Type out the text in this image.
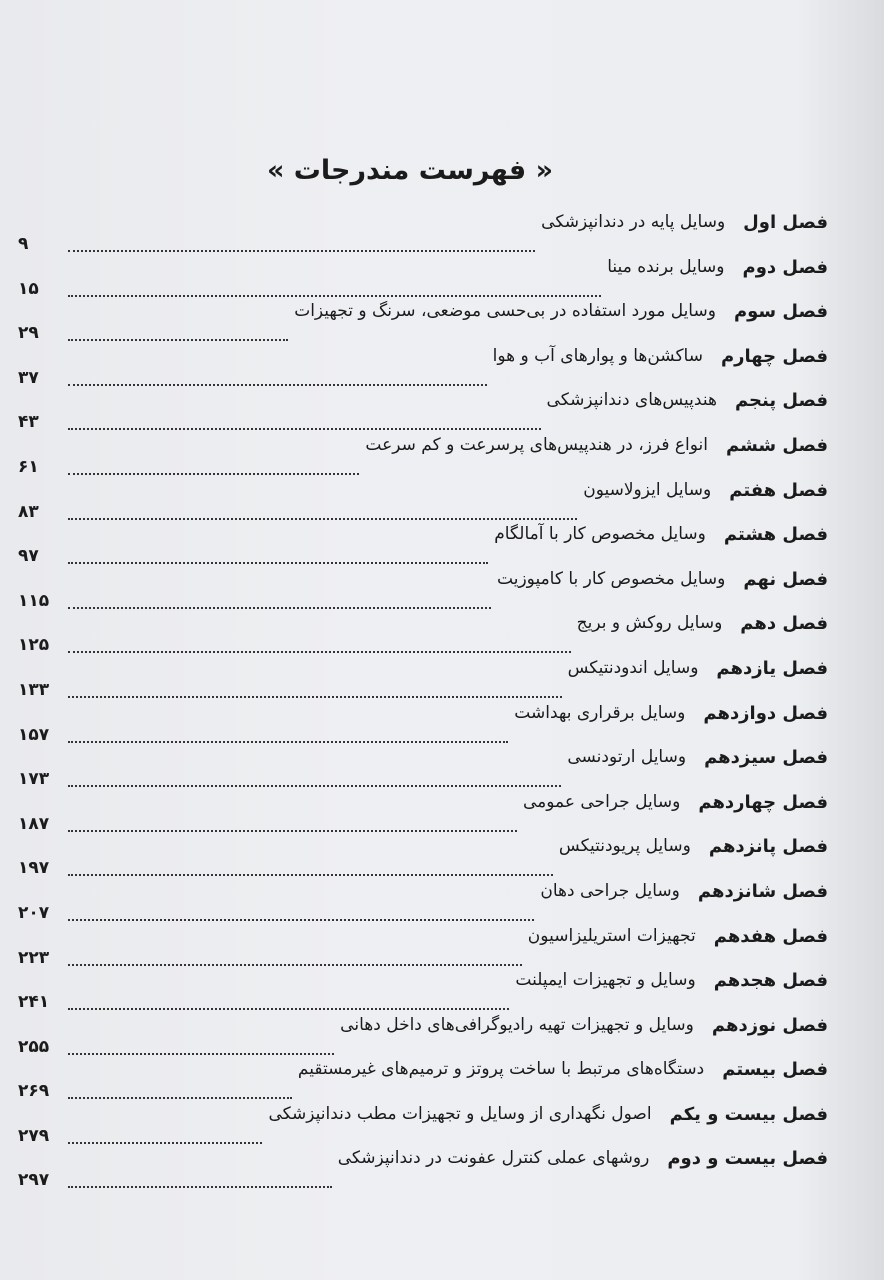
« فهرست مندرجات »
فصل اول
وسایل پایه در دندانپزشکی
۹
فصل دوم
وسایل برنده مینا
۱۵
فصل سوم
وسایل مورد استفاده در بی‌حسی موضعی، سرنگ و تجهیزات
۲۹
فصل چهارم
ساکشن‌ها و پوارهای آب و هوا
۳۷
فصل پنجم
هندپیس‌های دندانپزشکی
۴۳
فصل ششم
انواع فرز، در هندپیس‌های پرسرعت و کم سرعت
۶۱
فصل هفتم
وسایل ایزولاسیون
۸۳
فصل هشتم
وسایل مخصوص کار با آمالگام
۹۷
فصل نهم
وسایل مخصوص کار با کامپوزیت
۱۱۵
فصل دهم
وسایل روکش و بریج
۱۲۵
فصل یازدهم
وسایل اندودنتیکس
۱۳۳
فصل دوازدهم
وسایل برقراری بهداشت
۱۵۷
فصل سیزدهم
وسایل ارتودنسی
۱۷۳
فصل چهاردهم
وسایل جراحی عمومی
۱۸۷
فصل پانزدهم
وسایل پریودنتیکس
۱۹۷
فصل شانزدهم
وسایل جراحی دهان
۲۰۷
فصل هفدهم
تجهیزات استریلیزاسیون
۲۲۳
فصل هجدهم
وسایل و تجهیزات ایمپلنت
۲۴۱
فصل نوزدهم
وسایل و تجهیزات تهیه رادیوگرافی‌های داخل دهانی
۲۵۵
فصل بیستم
دستگاه‌های مرتبط با ساخت پروتز و ترمیم‌های غیرمستقیم
۲۶۹
فصل بیست و یکم
اصول نگهداری از وسایل و تجهیزات مطب دندانپزشکی
۲۷۹
فصل بیست و دوم
روشهای عملی کنترل عفونت در دندانپزشکی
۲۹۷
